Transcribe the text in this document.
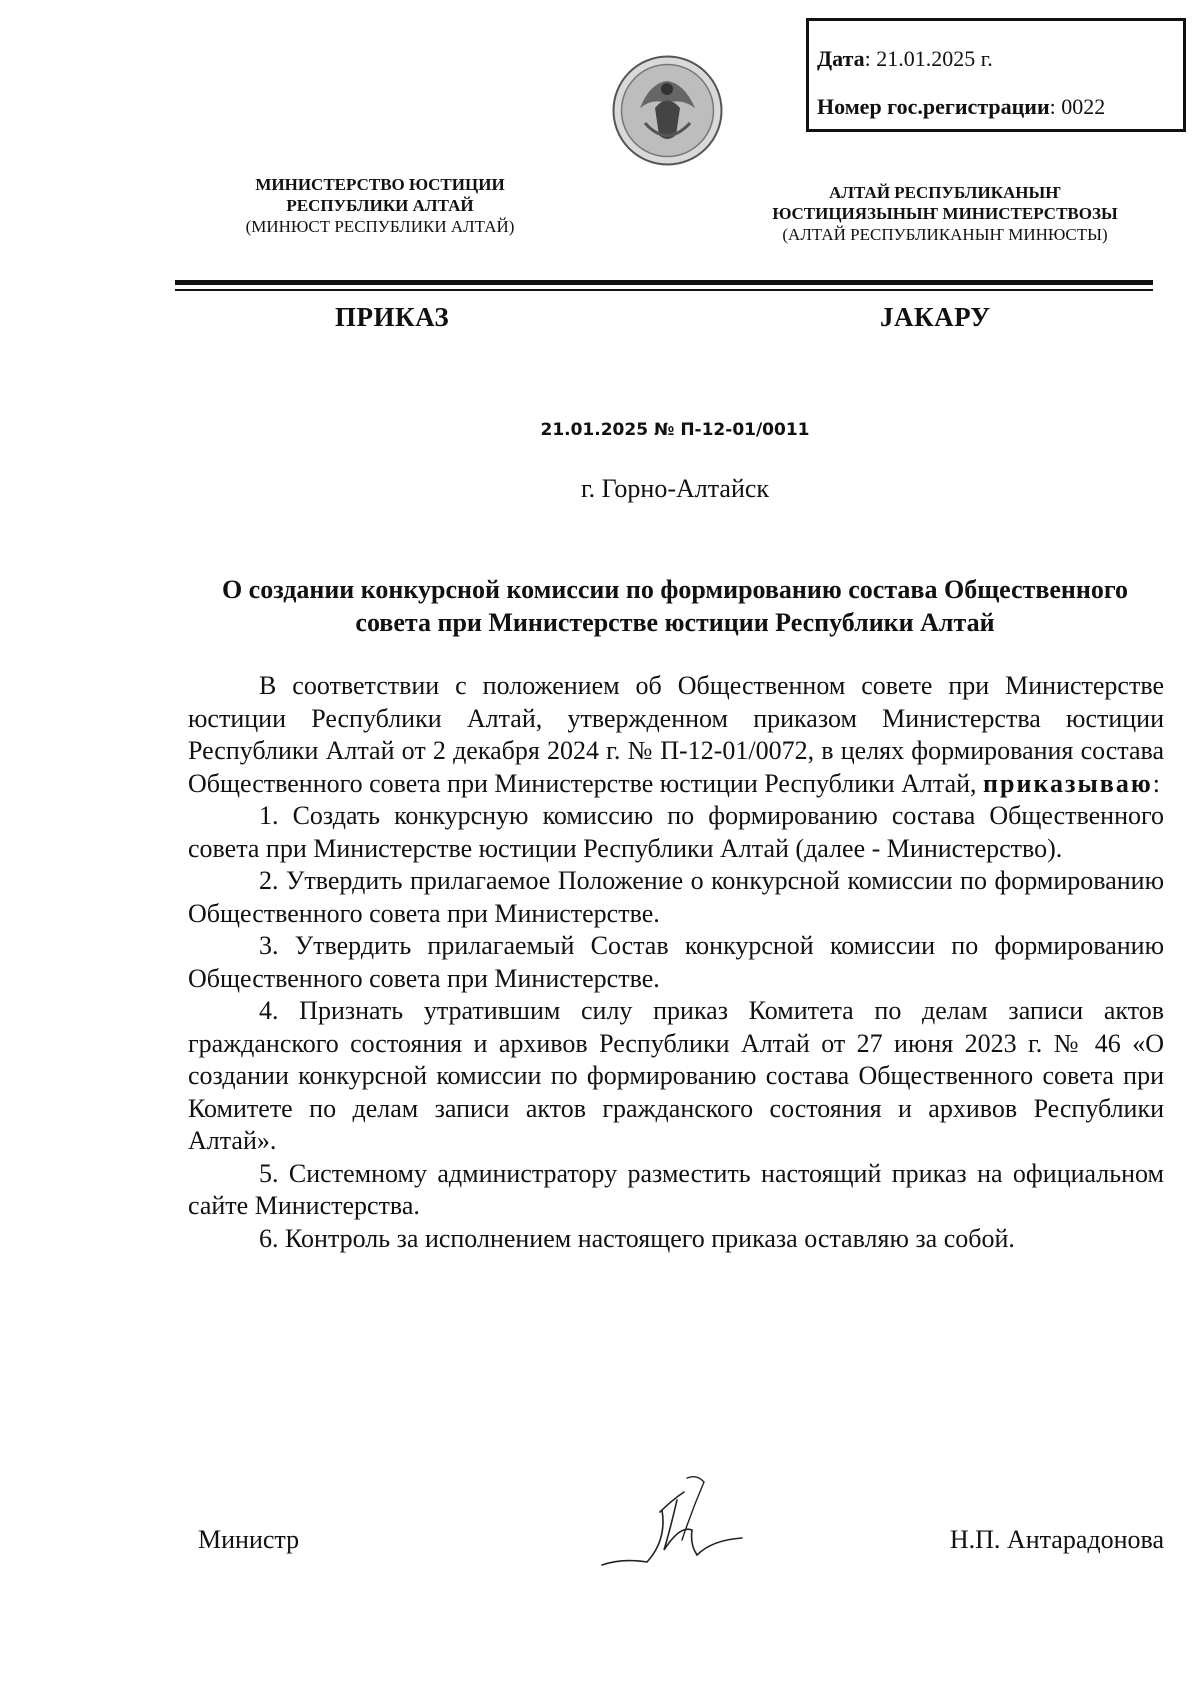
Дата: 21.01.2025 г.
Номер гос.регистрации: 0022
МИНИСТЕРСТВО ЮСТИЦИИ
РЕСПУБЛИКИ АЛТАЙ
(МИНЮСТ РЕСПУБЛИКИ АЛТАЙ)
АЛТАЙ РЕСПУБЛИКАНЫҤ
ЮСТИЦИЯЗЫНЫҤ МИНИСТЕРСТВОЗЫ
(АЛТАЙ РЕСПУБЛИКАНЫҤ МИНЮСТЫ)
ПРИКАЗ	JАКАРУ
21.01.2025 № П-12-01/0011
г. Горно-Алтайск
О создании конкурсной комиссии по формированию состава Общественного совета при Министерстве юстиции Республики Алтай

В соответствии с положением об Общественном совете при Министерстве юстиции Республики Алтай, утвержденном приказом Министерства юстиции Республики Алтай от 2 декабря 2024 г. № П-12-01/0072, в целях формирования состава Общественного совета при Министерстве юстиции Республики Алтай, приказываю:

1. Создать конкурсную комиссию по формированию состава Общественного совета при Министерстве юстиции Республики Алтай (далее - Министерство).

2. Утвердить прилагаемое Положение о конкурсной комиссии по формированию Общественного совета при Министерстве.

3. Утвердить прилагаемый Состав конкурсной комиссии по формированию Общественного совета при Министерстве.

4. Признать утратившим силу приказ Комитета по делам записи актов гражданского состояния и архивов Республики Алтай от 27 июня 2023 г. № 46 «О создании конкурсной комиссии по формированию состава Общественного совета при Комитете по делам записи актов гражданского состояния и архивов Республики Алтай».

5. Системному администратору разместить настоящий приказ на официальном сайте Министерства.

6. Контроль за исполнением настоящего приказа оставляю за собой.

Министр	Н.П. Антарадонова
